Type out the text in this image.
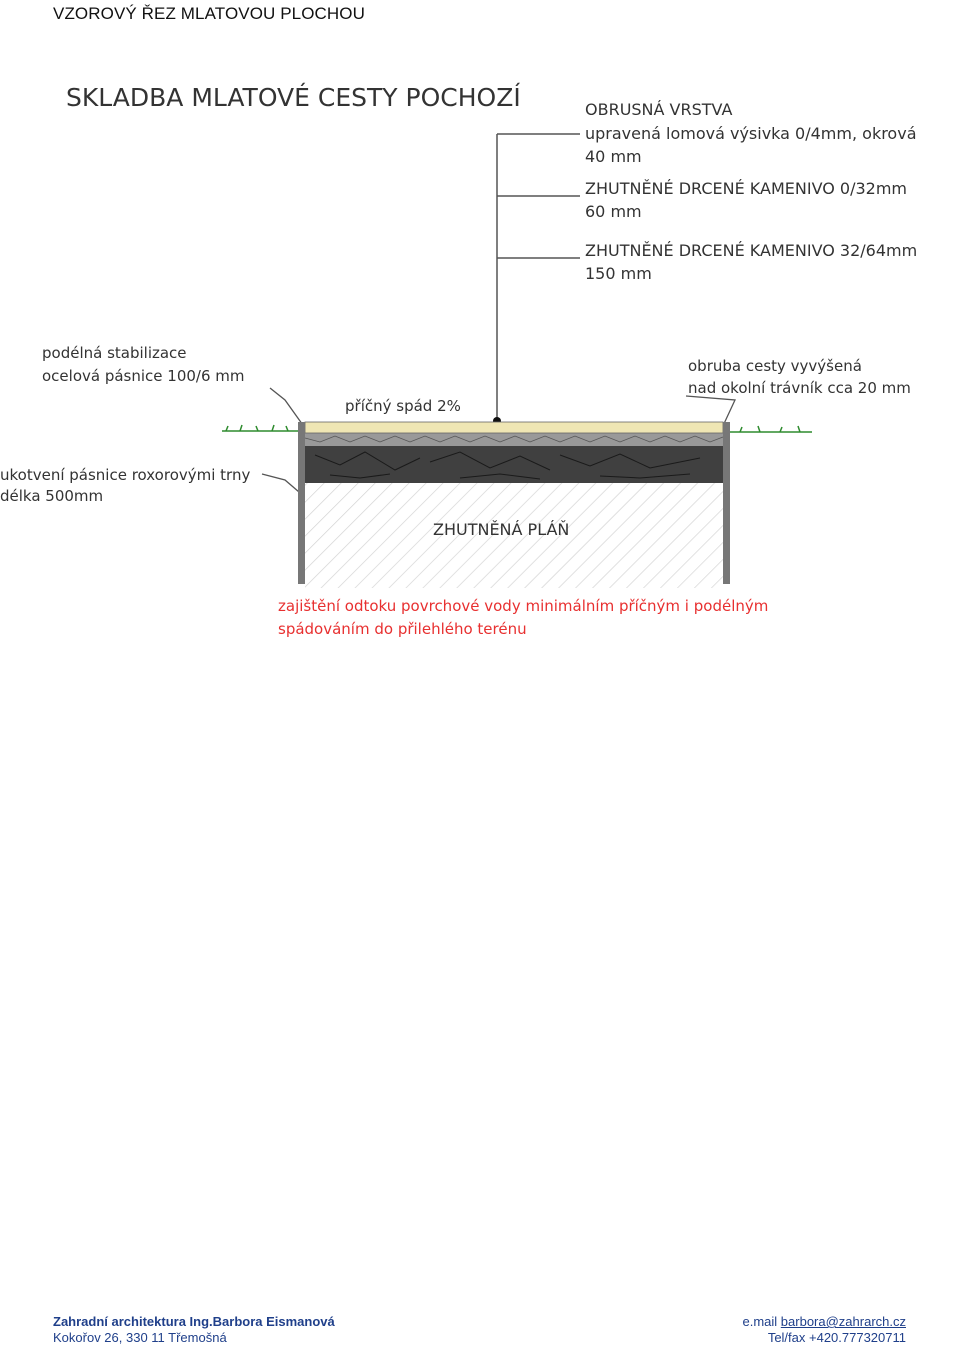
VZOROVÝ ŘEZ MLATOVOU PLOCHOU
SKLADBA MLATOVÉ CESTY POCHOZÍ	OBRUSNÁ VRSTVA
upravená lomová výsivka 0/4mm, okrová
40 mm
ZHUTNĚNÉ DRCENÉ KAMENIVO 0/32mm
60 mm
ZHUTNĚNÉ DRCENÉ KAMENIVO 32/64mm
150 mm
podélná stabilizace
ocelová pásnice 100/6 mm
ukotvení pásnice roxorovými trny
délka 500mm
obruba cesty vyvýšená
nad okolní trávník cca 20 mm
příčný spád 2%
ZHUTNĚNÁ PLÁŇ
zajištění odtoku povrchové vody minimálním příčným i podélným
spádováním do přilehlého terénu
Zahradní architektura Ing.Barbora Eismanová
Kokořov 26, 330 11 Třemošná
e.mail barbora@zahrarch.cz
Tel/fax +420.777320711
